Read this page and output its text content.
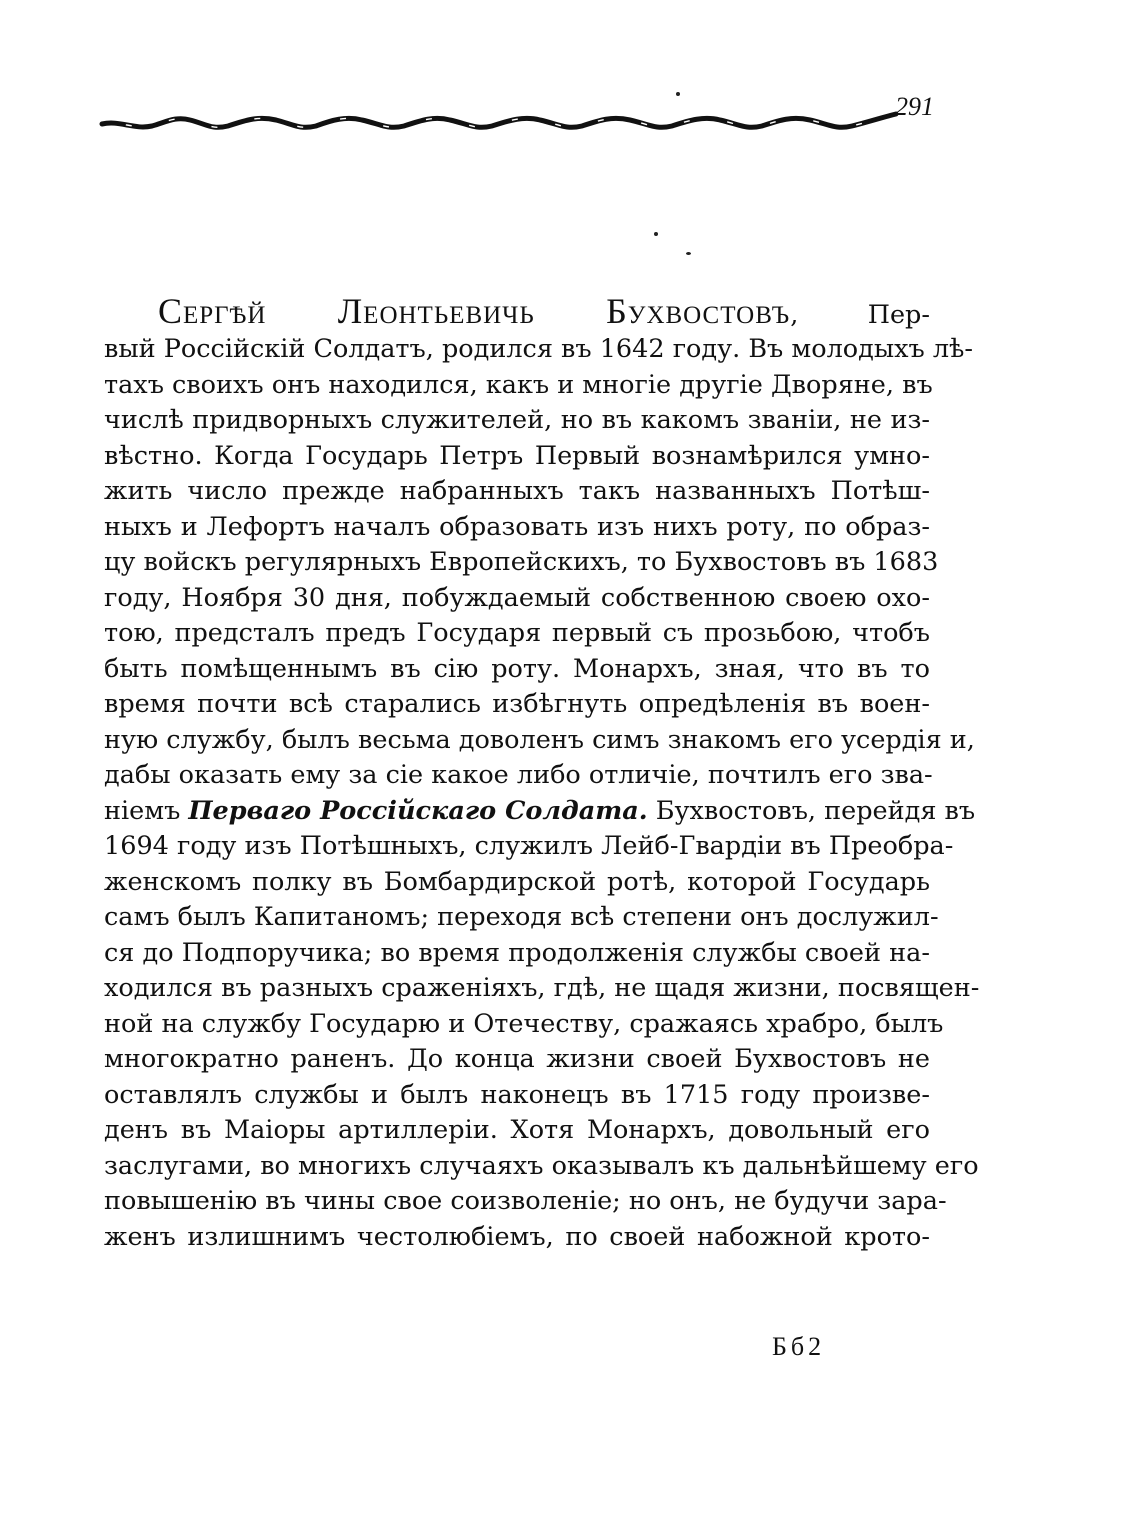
291
Сергѣй Леонтьевичь Бухвостовъ, Пер-
вый Россійскій Солдатъ, родился въ 1642 году. Въ молодыхъ лѣ-
тахъ своихъ онъ находился, какъ и многіе другіе Дворяне, въ
числѣ придворныхъ служителей, но въ какомъ званіи, не из-
вѣстно. Когда Государь Петръ Первый вознамѣрился умно-
жить число прежде набранныхъ такъ названныхъ Потѣш-
ныхъ и Лефортъ началъ образовать изъ нихъ роту, по образ-
цу войскъ регулярныхъ Европейскихъ, то Бухвостовъ въ 1683
году, Ноября 30 дня, побуждаемый собственною своею охо-
тою, предсталъ предъ Государя первый съ прозьбою, чтобъ
быть помѣщеннымъ въ сію роту. Монархъ, зная, что въ то
время почти всѣ старались избѣгнуть опредѣленія въ воен-
ную службу, былъ весьма доволенъ симъ знакомъ его усердія и,
дабы оказать ему за сіе какое либо отличіе, почтилъ его зва-
ніемъ Перваго Россійскаго Солдата. Бухвостовъ, перейдя въ
1694 году изъ Потѣшныхъ, служилъ Лейб-Гвардіи въ Преобра-
женскомъ полку въ Бомбардирской ротѣ, которой Государь
самъ былъ Капитаномъ; переходя всѣ степени онъ дослужил-
ся до Подпоручика; во время продолженія службы своей на-
ходился въ разныхъ сраженіяхъ, гдѣ, не щадя жизни, посвящен-
ной на службу Государю и Отечеству, сражаясь храбро, былъ
многократно раненъ. До конца жизни своей Бухвостовъ не
оставлялъ службы и былъ наконецъ въ 1715 году произве-
денъ въ Маіоры артиллеріи. Хотя Монархъ, довольный его
заслугами, во многихъ случаяхъ оказывалъ къ дальнѣйшему его
повышенію въ чины свое соизволеніе; но онъ, не будучи зара-
женъ излишнимъ честолюбіемъ, по своей набожной крото-
Бб2
